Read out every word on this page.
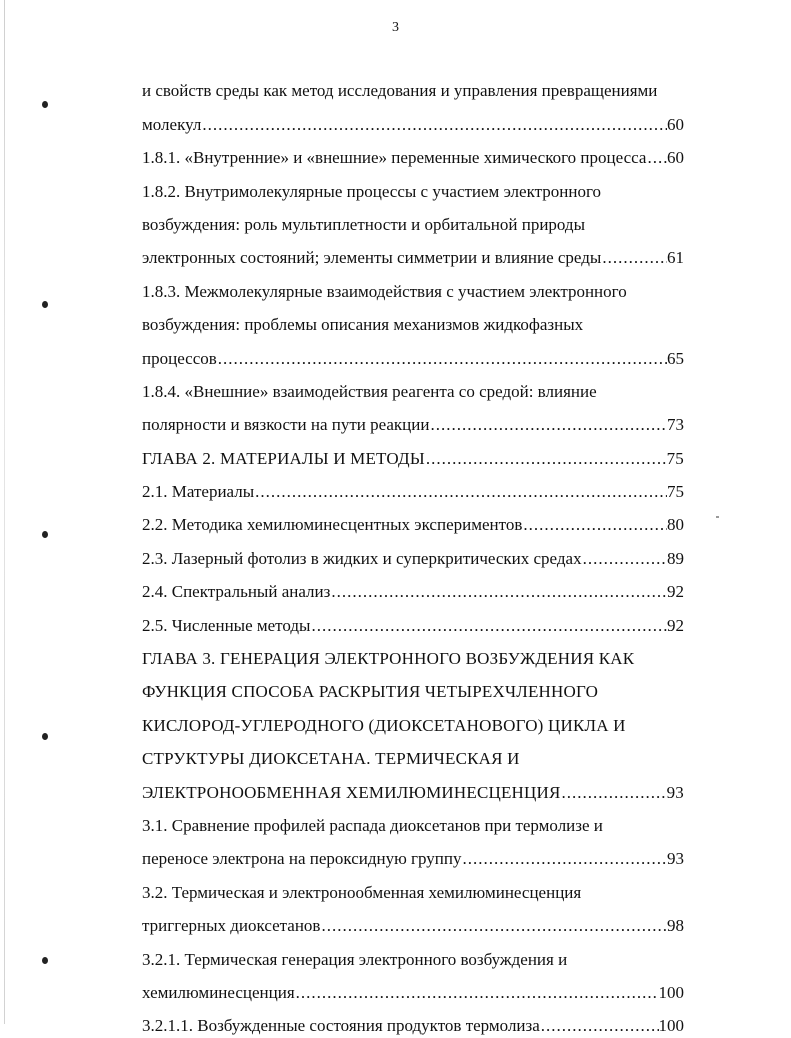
3
и свойств среды как метод исследования и управления превращениями
молекул .....	60
1.8.1. «Внутренние» и «внешние» переменные химического процесса ..... 60
1.8.2. Внутримолекулярные процессы с участием электронного
возбуждения: роль мультиплетности и орбитальной природы
электронных состояний; элементы симметрии и влияние среды .....	61
1.8.3. Межмолекулярные взаимодействия с участием электронного
возбуждения: проблемы описания механизмов жидкофазных
процессов .....	65
1.8.4. «Внешние» взаимодействия реагента со средой: влияние
полярности и вязкости на пути реакции .....	73
ГЛАВА 2. МАТЕРИАЛЫ И МЕТОДЫ .....	75
2.1. Материалы .....	75
2.2. Методика хемилюминесцентных экспериментов .....	80
2.3. Лазерный фотолиз в жидких и суперкритических средах .....	89
2.4. Спектральный анализ .....	92
2.5. Численные методы .....	92
ГЛАВА 3. ГЕНЕРАЦИЯ ЭЛЕКТРОННОГО ВОЗБУЖДЕНИЯ КАК
ФУНКЦИЯ СПОСОБА РАСКРЫТИЯ ЧЕТЫРЕХЧЛЕННОГО
КИСЛОРОД-УГЛЕРОДНОГО (ДИОКСЕТАНОВОГО) ЦИКЛА И
СТРУКТУРЫ ДИОКСЕТАНА. ТЕРМИЧЕСКАЯ И
ЭЛЕКТРОНООБМЕННАЯ ХЕМИЛЮМИНЕСЦЕНЦИЯ .....	93
3.1. Сравнение профилей распада диоксетанов при термолизе и
переносе электрона на пероксидную группу .....	93
3.2. Термическая и электронообменная хемилюминесценция
триггерных диоксетанов .....	98
3.2.1. Термическая генерация электронного возбуждения и
хемилюминесценция .....	100
3.2.1.1. Возбужденные состояния продуктов термолиза .....	100
